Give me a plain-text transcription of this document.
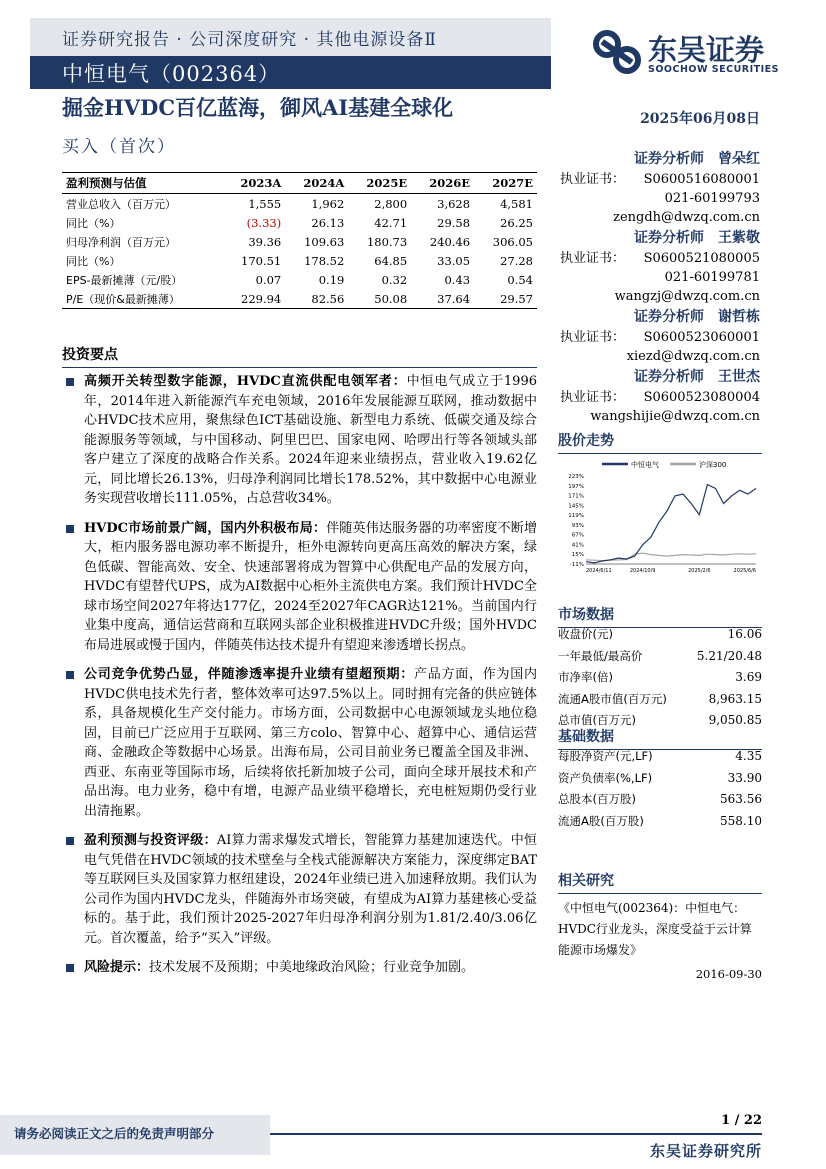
证券研究报告 · 公司深度研究 · 其他电源设备Ⅱ
中恒电气（002364）
东吴证券
SOOCHOW SECURITIES
掘金HVDC百亿蓝海，御风AI基建全球化
买入（首次）
2025年06月08日
证券分析师　曾朵红
执业证书： S0600516080001
021-60199793
zengdh@dwzq.com.cn
证券分析师　王紫敬
执业证书： S0600521080005
021-60199781
wangzj@dwzq.com.cn
证券分析师　谢哲栋
执业证书： S0600523060001
xiezd@dwzq.com.cn
证券分析师　王世杰
执业证书： S0600523080004
wangshijie@dwzq.com.cn
盈利预测与估值	2023A	2024A	2025E	2026E	2027E
营业总收入（百万元）	1,555	1,962	2,800	3,628	4,581
同比（%）	(3.33)	26.13	42.71	29.58	26.25
归母净利润（百万元）	39.36	109.63	180.73	240.46	306.05
同比（%）	170.51	178.52	64.85	33.05	27.28
EPS-最新摊薄（元/股）	0.07	0.19	0.32	0.43	0.54
P/E（现价&最新摊薄）	229.94	82.56	50.08	37.64	29.57
投资要点
高频开关转型数字能源，HVDC直流供配电领军者：中恒电气成立于1996年，2014年进入新能源汽车充电领域，2016年发展能源互联网，推动数据中心HVDC技术应用，聚焦绿色ICT基础设施、新型电力系统、低碳交通及综合能源服务等领域，与中国移动、阿里巴巴、国家电网、哈啰出行等各领域头部客户建立了深度的战略合作关系。2024年迎来业绩拐点，营业收入19.62亿元，同比增长26.13%，归母净利润同比增长178.52%，其中数据中心电源业务实现营收增长111.05%，占总营收34%。
HVDC市场前景广阔，国内外积极布局：伴随英伟达服务器的功率密度不断增大，柜内服务器电源功率不断提升，柜外电源转向更高压高效的解决方案，绿色低碳、智能高效、安全、快速部署将成为智算中心供配电产品的发展方向，HVDC有望替代UPS，成为AI数据中心柜外主流供电方案。我们预计HVDC全球市场空间2027年将达177亿，2024至2027年CAGR达121%。当前国内行业集中度高，通信运营商和互联网头部企业积极推进HVDC升级；国外HVDC布局进展或慢于国内，伴随英伟达技术提升有望迎来渗透增长拐点。
公司竞争优势凸显，伴随渗透率提升业绩有望超预期：产品方面，作为国内HVDC供电技术先行者，整体效率可达97.5%以上。同时拥有完备的供应链体系，具备规模化生产交付能力。市场方面，公司数据中心电源领域龙头地位稳固，目前已广泛应用于互联网、第三方colo、智算中心、超算中心、通信运营商、金融政企等数据中心场景。出海布局，公司目前业务已覆盖全国及非洲、西亚、东南亚等国际市场，后续将依托新加坡子公司，面向全球开展技术和产品出海。电力业务，稳中有增，电源产品业绩平稳增长，充电桩短期仍受行业出清拖累。
盈利预测与投资评级：AI算力需求爆发式增长，智能算力基建加速迭代。中恒电气凭借在HVDC领域的技术壁垒与全栈式能源解决方案能力，深度绑定BAT等互联网巨头及国家算力枢纽建设，2024年业绩已进入加速释放期。我们认为公司作为国内HVDC龙头，伴随海外市场突破，有望成为AI算力基建核心受益标的。基于此，我们预计2025-2027年归母净利润分别为1.81/2.40/3.06亿元。首次覆盖，给予“买入”评级。
风险提示：技术发展不及预期；中美地缘政治风险；行业竞争加剧。
股价走势
中恒电气	沪深300
223%
197%
171%
145%
119%
93%
67%
41%
15%
-11%
2024/6/11	2024/10/9	2025/2/6	2025/6/6
市场数据
收盘价(元)	16.06
一年最低/最高价	5.21/20.48
市净率(倍)	3.69
流通A股市值(百万元)	8,963.15
总市值(百万元)	9,050.85
基础数据
每股净资产(元,LF)	4.35
资产负债率(%,LF)	33.90
总股本(百万股)	563.56
流通A股(百万股)	558.10
相关研究
《中恒电气(002364)：中恒电气：HVDC行业龙头，深度受益于云计算能源市场爆发》
2016-09-30
1 / 22
请务必阅读正文之后的免责声明部分
东吴证券研究所
